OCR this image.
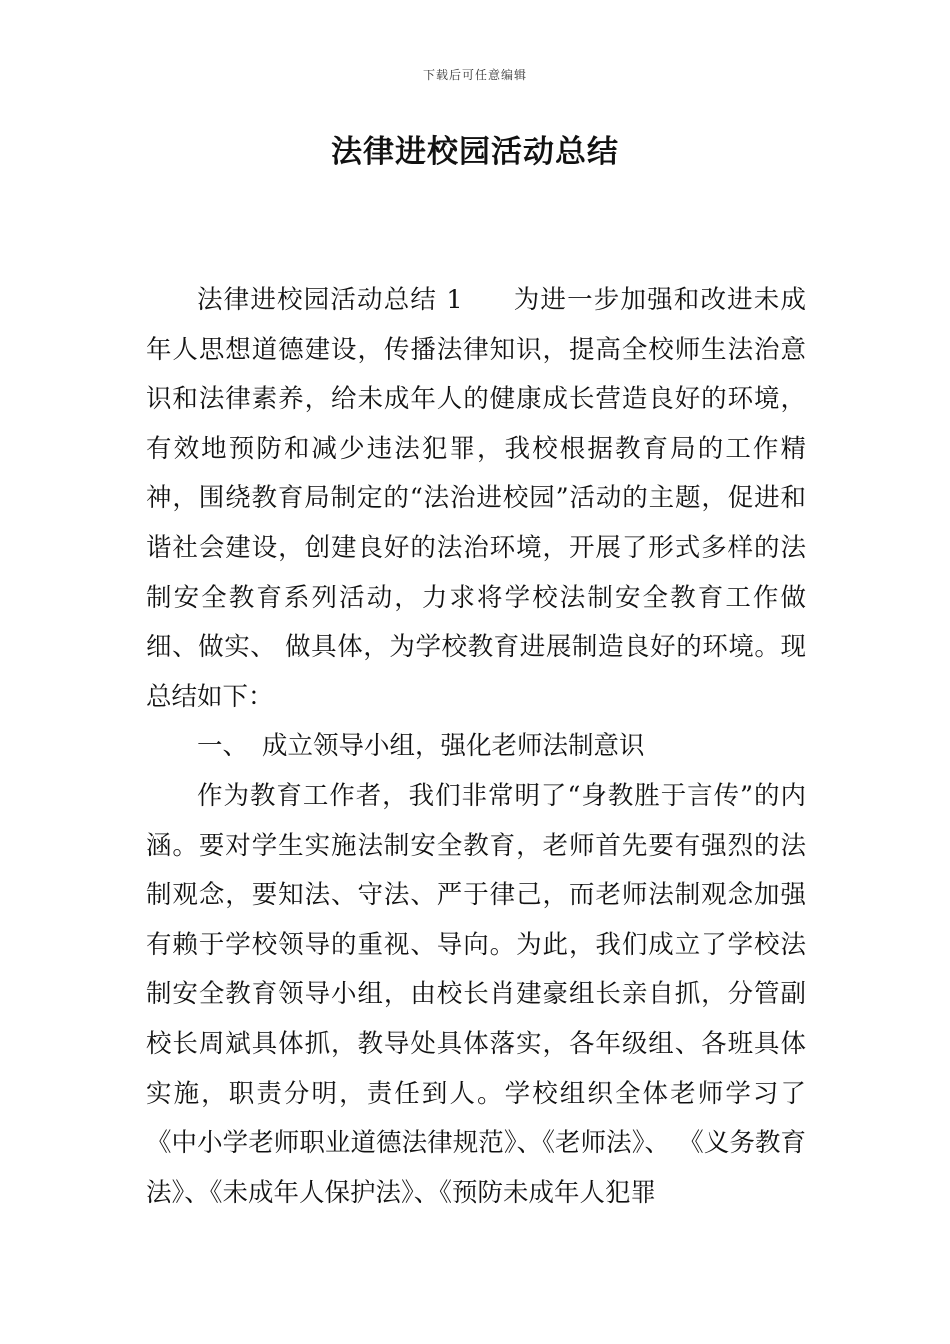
下载后可任意编辑
法律进校园活动总结

法律进校园活动总结 1 为进一步加强和改进未成年人思想道德建设，传播法律知识，提高全校师生法治意识和法律素养，给未成年人的健康成长营造良好的环境，有效地预防和减少违法犯罪，我校根据教育局的工作精神，围绕教育局制定的“法治进校园”活动的主题，促进和谐社会建设，创建良好的法治环境，开展了形式多样的法制安全教育系列活动，力求将学校法制安全教育工作做细、做实、 做具体，为学校教育进展制造良好的环境。现总结如下：

一、 成立领导小组，强化老师法制意识

作为教育工作者，我们非常明了“身教胜于言传”的内涵。要对学生实施法制安全教育，老师首先要有强烈的法制观念，要知法、守法、严于律己，而老师法制观念加强有赖于学校领导的重视、导向。为此，我们成立了学校法制安全教育领导小组，由校长肖建豪组长亲自抓，分管副校长周斌具体抓，教导处具体落实，各年级组、各班具体实施，职责分明，责任到人。学校组织全体老师学习了《中小学老师职业道德法律规范》、《老师法》、 《义务教育法》、《未成年人保护法》、《预防未成年人犯罪
